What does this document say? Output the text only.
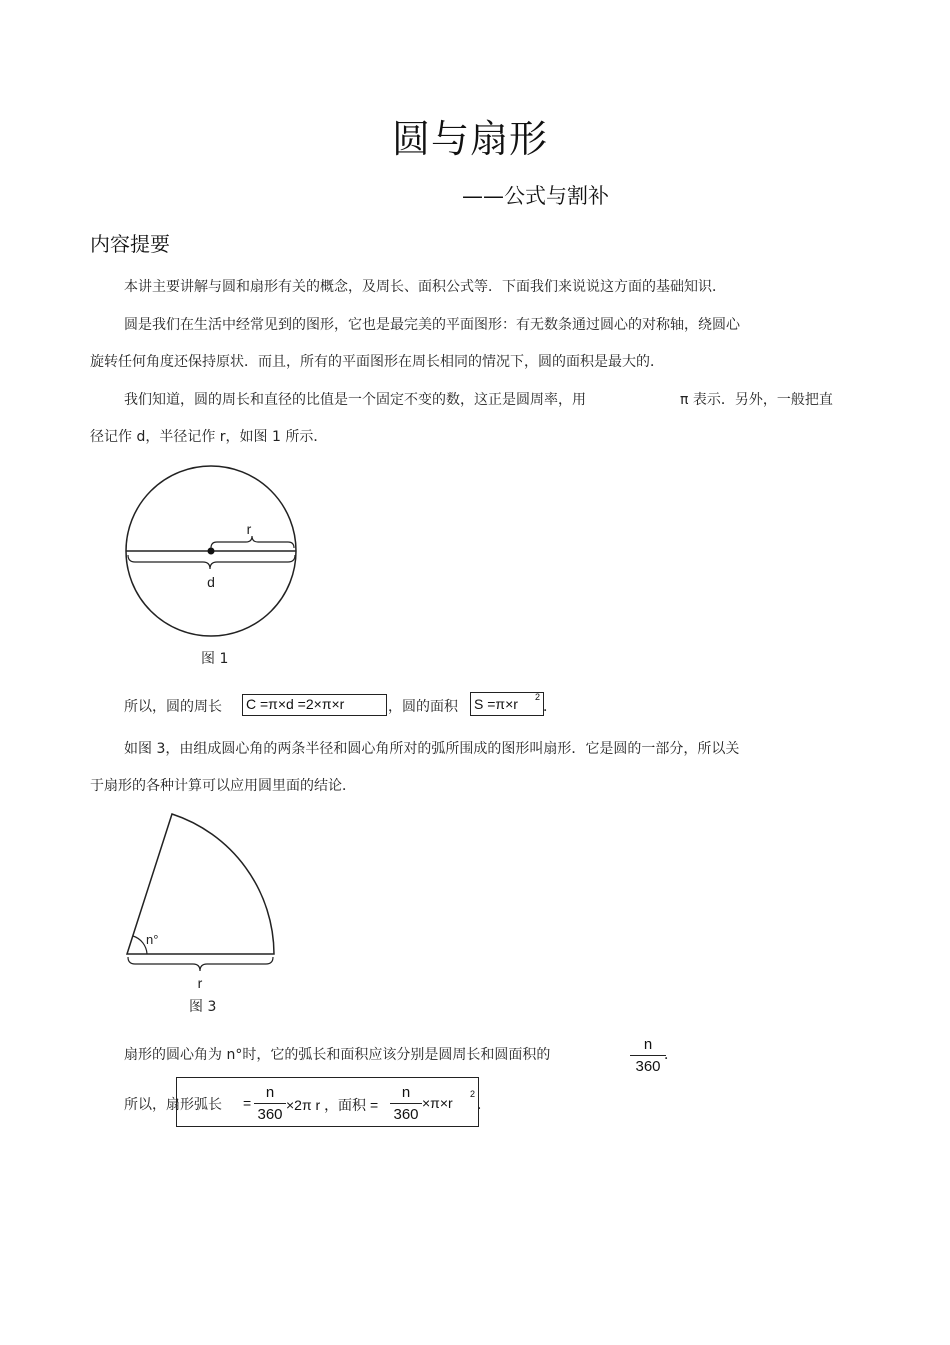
圆与扇形
——公式与割补
内容提要
本讲主要讲解与圆和扇形有关的概念，及周长、面积公式等．下面我们来说说这方面的基础知识．
圆是我们在生活中经常见到的图形，它也是最完美的平面图形：有无数条通过圆心的对称轴，绕圆心
旋转任何角度还保持原状．而且，所有的平面图形在周长相同的情况下，圆的面积是最大的．
我们知道，圆的周长和直径的比值是一个固定不变的数，这正是圆周率，用	π 表示．另外，一般把直
径记作 d，半径记作 r，如图 1 所示．
r
d
图 1
所以，圆的周长 C =π×d =2×π×r	，圆的面积 S =π×r 2
．
如图 3，由组成圆心角的两条半径和圆心角所对的弧所围成的图形叫扇形．它是圆的一部分，所以关
于扇形的各种计算可以应用圆里面的结论．
n°
r
图 3
扇形的圆心角为 n°时，它的弧长和面积应该分别是圆周长和圆面积的
n
360
．
所以，扇形弧长 =
n
360
×2π r ，面积 =
n
360
×π×r
2
．
